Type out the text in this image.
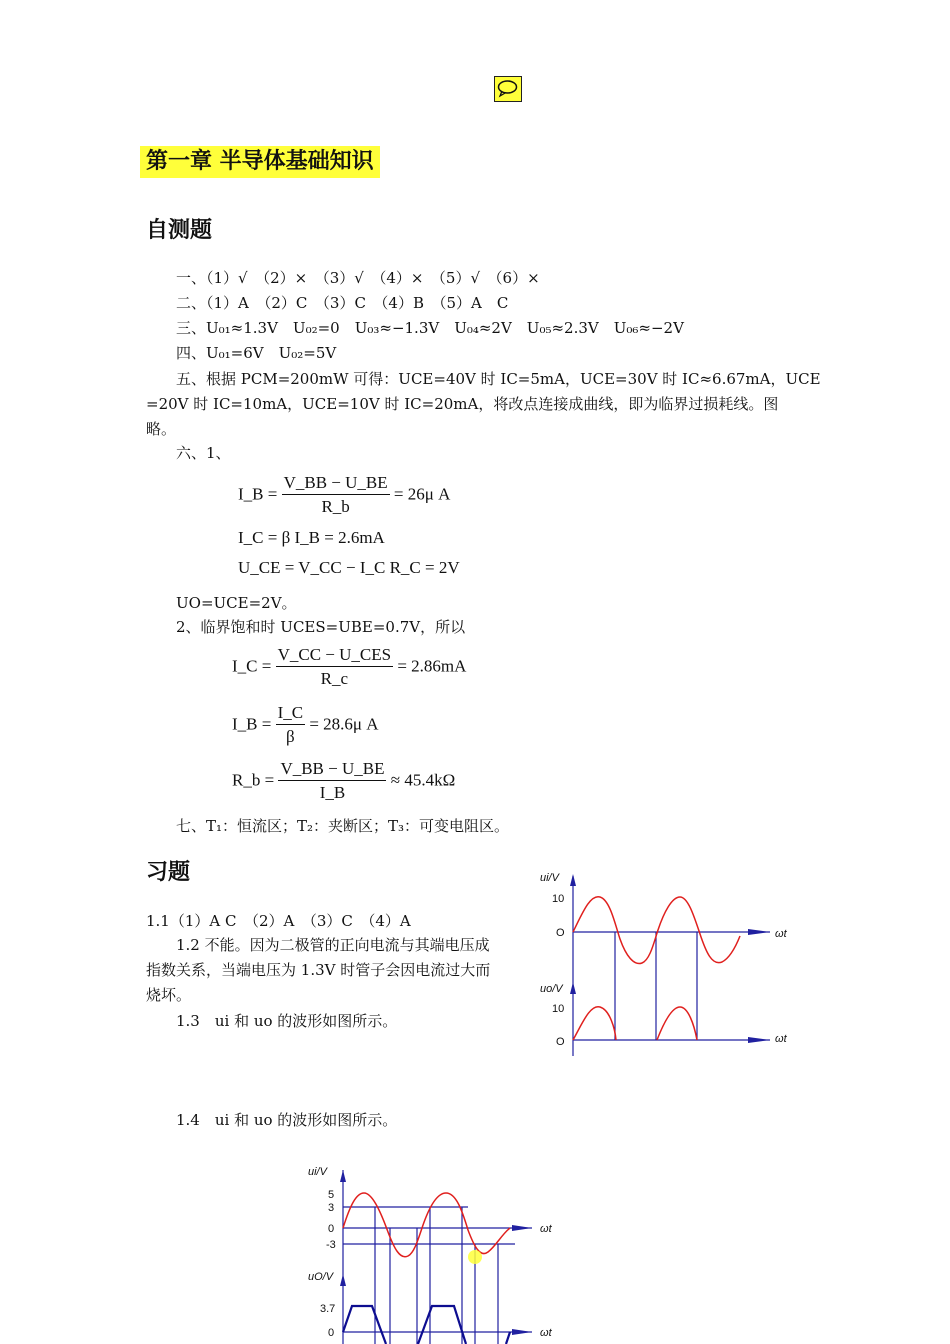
第一章 半导体基础知识
自测题
一、（1）√　（2）×　（3）√　（4）×　（5）√　（6）×
二、（1）A　（2）C　（3）C　（4）B　（5）A　C
三、U₀₁≈1.3V　U₀₂=0　U₀₃≈−1.3V　U₀₄≈2V　U₀₅≈2.3V　U₀₆≈−2V
四、U₀₁=6V　U₀₂=5V
五、根据 PCM=200mW 可得：UCE=40V 时 IC=5mA，UCE=30V 时 IC≈6.67mA，UCE
=20V 时 IC=10mA，UCE=10V 时 IC=20mA，将改点连接成曲线，即为临界过损耗线。图
略。
六、1、
I_B = $\frac{V\_BB - U\_BE}{R\_b} = 26\mu$ A
I_C = β I_B = 2.6mA
U_CE = V_CC − I_C R_C = 2V
UO=UCE=2V。
2、临界饱和时 UCES=UBE=0.7V，所以
I_C = $\frac{\text{V\_CC − U\_CES}}{R\_c} = 2.86mA$
I_B = $\frac{I\_C}{\beta} = 28.6\mu$ A
R_b = $\frac{V\_BB - U\_BE}{I\_B} \approx 45.4k\Omega$
七、T₁：恒流区；T₂：夹断区；T₃：可变电阻区。
习题
1.1（1）A C　（2）A　（3）C　（4）A
1.2 不能。因为二极管的正向电流与其端电压成
指数关系，当端电压为 1.3V 时管子会因电流过大而
烧坏。
1.3　ui 和 uo 的波形如图所示。
1.4　ui 和 uo 的波形如图所示。
ui/V
10
O	ωt
uo/V
10
O	ωt
ui/V
5
3
0
-3
ωt
uO/V
3.7
0	ωt
